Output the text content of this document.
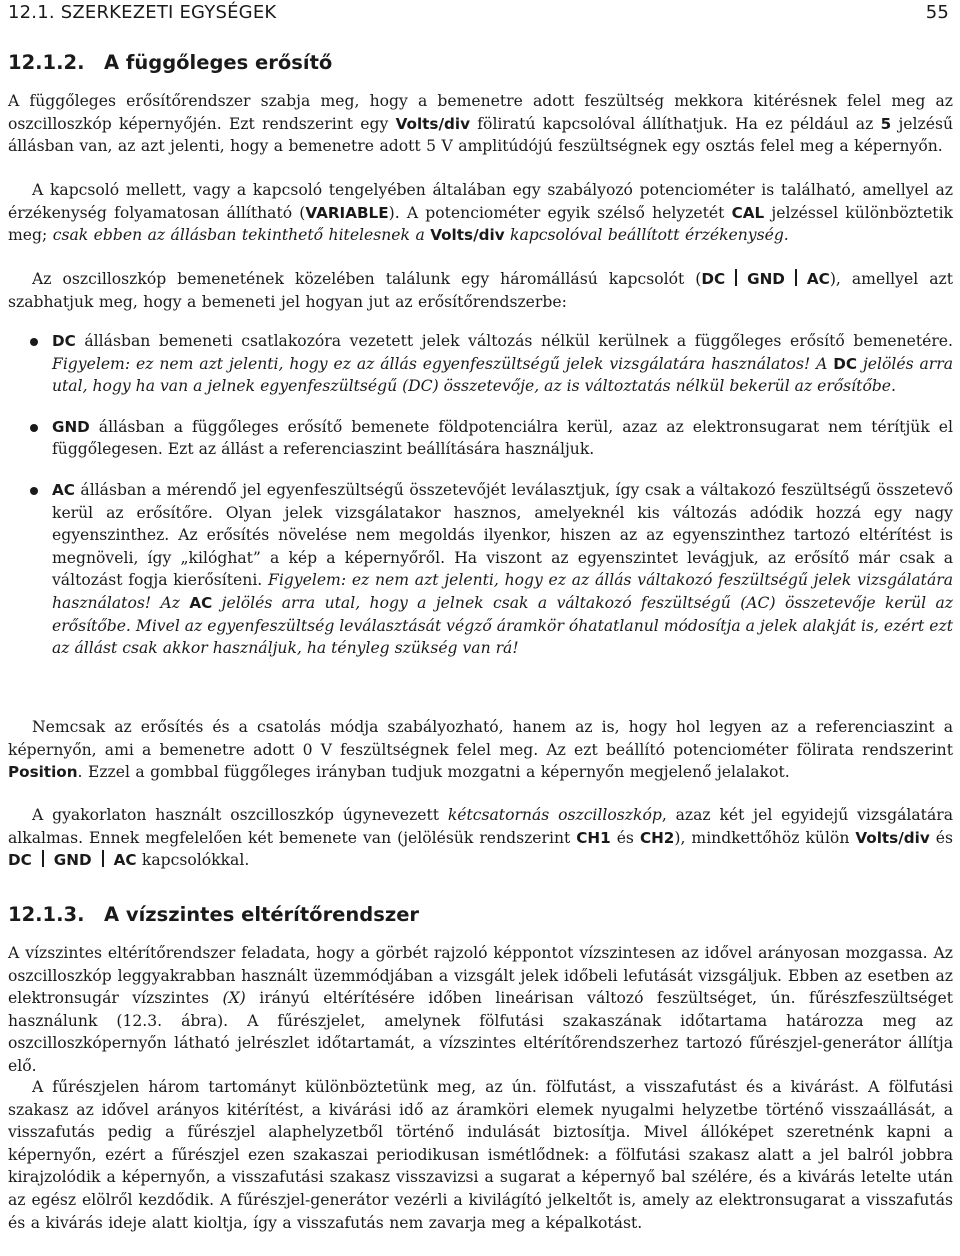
12.1. SZERKEZETI EGYSÉGEK	55
12.1.2. A függőleges erősítő

A függőleges erősítőrendszer szabja meg, hogy a bemenetre adott feszültség mekkora kitérésnek felel meg az oszcilloszkóp képernyőjén. Ezt rendszerint egy Volts/div föliratú kapcsolóval állíthatjuk. Ha ez például az 5 jelzésű állásban van, az azt jelenti, hogy a bemenetre adott 5 V amplitúdójú feszültségnek egy osztás felel meg a képernyőn.

A kapcsoló mellett, vagy a kapcsoló tengelyében általában egy szabályozó potenciométer is található, amellyel az érzékenység folyamatosan állítható (VARIABLE). A potenciométer egyik szélső helyzetét CAL jelzéssel különböztetik meg; csak ebben az állásban tekinthető hitelesnek a Volts/div kapcsolóval beállított érzékenység.

Az oszcilloszkóp bemenetének közelében találunk egy háromállású kapcsolót (DC GND AC), amellyel azt szabhatjuk meg, hogy a bemeneti jel hogyan jut az erősítőrendszerbe:

DC állásban bemeneti csatlakozóra vezetett jelek változás nélkül kerülnek a függőleges erősítő bemenetére. Figyelem: ez nem azt jelenti, hogy ez az állás egyenfeszültségű jelek vizsgálatára használatos! A DC jelölés arra utal, hogy ha van a jelnek egyenfeszültségű (DC) összetevője, az is változtatás nélkül bekerül az erősítőbe.
GND állásban a függőleges erősítő bemenete földpotenciálra kerül, azaz az elektronsugarat nem térítjük el függőlegesen. Ezt az állást a referenciaszint beállítására használjuk.
AC állásban a mérendő jel egyenfeszültségű összetevőjét leválasztjuk, így csak a váltakozó feszültségű összetevő kerül az erősítőre. Olyan jelek vizsgálatakor hasznos, amelyeknél kis változás adódik hozzá egy nagy egyenszinthez. Az erősítés növelése nem megoldás ilyenkor, hiszen az az egyenszinthez tartozó eltérítést is megnöveli, így „kilóghat” a kép a képernyőről. Ha viszont az egyenszintet levágjuk, az erősítő már csak a változást fogja kierősíteni. Figyelem: ez nem azt jelenti, hogy ez az állás váltakozó feszültségű jelek vizsgálatára használatos! Az AC jelölés arra utal, hogy a jelnek csak a váltakozó feszültségű (AC) összetevője kerül az erősítőbe. Mivel az egyenfeszültség leválasztását végző áramkör óhatatlanul módosítja a jelek alakját is, ezért ezt az állást csak akkor használjuk, ha tényleg szükség van rá!

Nemcsak az erősítés és a csatolás módja szabályozható, hanem az is, hogy hol legyen az a referenciaszint a képernyőn, ami a bemenetre adott 0 V feszültségnek felel meg. Az ezt beállító potenciométer fölirata rendszerint Position. Ezzel a gombbal függőleges irányban tudjuk mozgatni a képernyőn megjelenő jelalakot.

A gyakorlaton használt oszcilloszkóp úgynevezett kétcsatornás oszcilloszkóp, azaz két jel egyidejű vizsgálatára alkalmas. Ennek megfelelően két bemenete van (jelölésük rendszerint CH1 és CH2), mindkettőhöz külön Volts/div és DC GND AC kapcsolókkal.

12.1.3. A vízszintes eltérítőrendszer

A vízszintes eltérítőrendszer feladata, hogy a görbét rajzoló képpontot vízszintesen az idővel arányosan mozgassa. Az oszcilloszkóp leggyakrabban használt üzemmódjában a vizsgált jelek időbeli lefutását vizsgáljuk. Ebben az esetben az elektronsugár vízszintes (X) irányú eltérítésére időben lineárisan változó feszültséget, ún. fűrészfeszültséget használunk (12.3. ábra). A fűrészjelet, amelynek fölfutási szakaszának időtartama határozza meg az oszcilloszkópernyőn látható jelrészlet időtartamát, a vízszintes eltérítőrendszerhez tartozó fűrészjel-generátor állítja elő.

A fűrészjelen három tartományt különböztetünk meg, az ún. fölfutást, a visszafutást és a kivárást. A fölfutási szakasz az idővel arányos kitérítést, a kivárási idő az áramköri elemek nyugalmi helyzetbe történő visszaállását, a visszafutás pedig a fűrészjel alaphelyzetből történő indulását biztosítja. Mivel állóképet szeretnénk kapni a képernyőn, ezért a fűrészjel ezen szakaszai periodikusan ismétlődnek: a fölfutási szakasz alatt a jel balról jobbra kirajzolódik a képernyőn, a visszafutási szakasz visszavizsi a sugarat a képernyő bal szélére, és a kivárás letelte után az egész elölről kezdődik. A fűrészjel-generátor vezérli a kivilágító jelkeltőt is, amely az elektronsugarat a visszafutás és a kivárás ideje alatt kioltja, így a visszafutás nem zavarja meg a képalkotást.
